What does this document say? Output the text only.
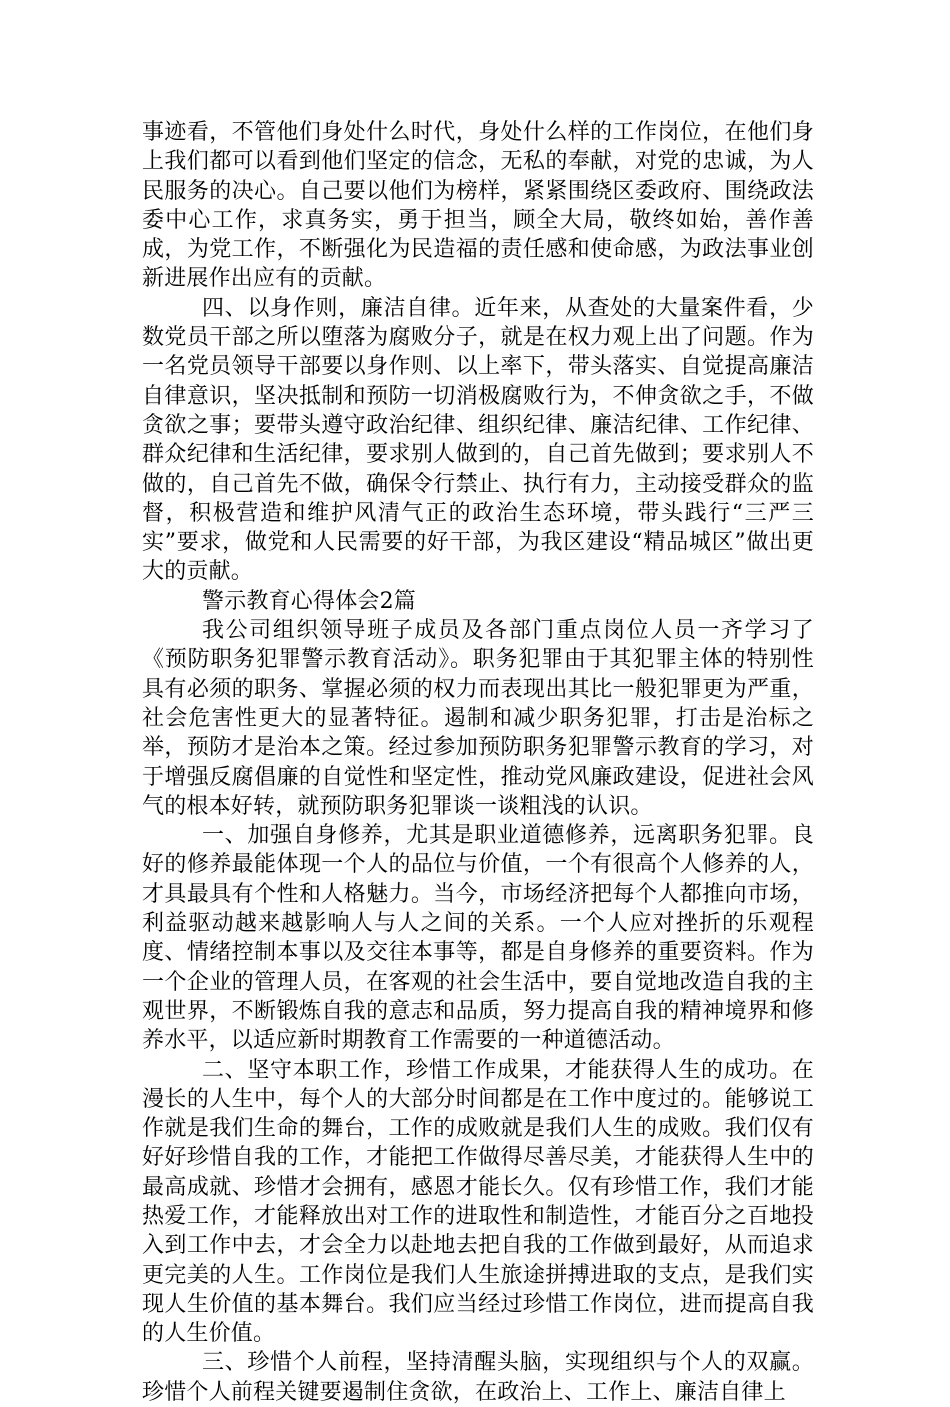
事迹看，不管他们身处什么时代，身处什么样的工作岗位，在他们身上我们都可以看到他们坚定的信念，无私的奉献，对党的忠诚，为人民服务的决心。自己要以他们为榜样，紧紧围绕区委政府、围绕政法委中心工作，求真务实，勇于担当，顾全大局，敬终如始，善作善成，为党工作，不断强化为民造福的责任感和使命感，为政法事业创新进展作出应有的贡献。

四、以身作则，廉洁自律。近年来，从查处的大量案件看，少数党员干部之所以堕落为腐败分子，就是在权力观上出了问题。作为一名党员领导干部要以身作则、以上率下，带头落实、自觉提高廉洁自律意识，坚决抵制和预防一切消极腐败行为，不伸贪欲之手，不做贪欲之事；要带头遵守政治纪律、组织纪律、廉洁纪律、工作纪律、群众纪律和生活纪律，要求别人做到的，自己首先做到；要求别人不做的，自己首先不做，确保令行禁止、执行有力，主动接受群众的监督，积极营造和维护风清气正的政治生态环境，带头践行“三严三实”要求，做党和人民需要的好干部，为我区建设“精品城区”做出更大的贡献。

警示教育心得体会2篇

我公司组织领导班子成员及各部门重点岗位人员一齐学习了《预防职务犯罪警示教育活动》。职务犯罪由于其犯罪主体的特别性具有必须的职务、掌握必须的权力而表现出其比一般犯罪更为严重，社会危害性更大的显著特征。遏制和减少职务犯罪，打击是治标之举，预防才是治本之策。经过参加预防职务犯罪警示教育的学习，对于增强反腐倡廉的自觉性和坚定性，推动党风廉政建设，促进社会风气的根本好转，就预防职务犯罪谈一谈粗浅的认识。

一、加强自身修养，尤其是职业道德修养，远离职务犯罪。良好的修养最能体现一个人的品位与价值，一个有很高个人修养的人，才具最具有个性和人格魅力。当今，市场经济把每个人都推向市场，利益驱动越来越影响人与人之间的关系。一个人应对挫折的乐观程度、情绪控制本事以及交往本事等，都是自身修养的重要资料。作为一个企业的管理人员，在客观的社会生活中，要自觉地改造自我的主观世界，不断锻炼自我的意志和品质，努力提高自我的精神境界和修养水平，以适应新时期教育工作需要的一种道德活动。

二、坚守本职工作，珍惜工作成果，才能获得人生的成功。在漫长的人生中，每个人的大部分时间都是在工作中度过的。能够说工作就是我们生命的舞台，工作的成败就是我们人生的成败。我们仅有好好珍惜自我的工作，才能把工作做得尽善尽美，才能获得人生中的最高成就、珍惜才会拥有，感恩才能长久。仅有珍惜工作，我们才能热爱工作，才能释放出对工作的进取性和制造性，才能百分之百地投入到工作中去，才会全力以赴地去把自我的工作做到最好，从而追求更完美的人生。工作岗位是我们人生旅途拼搏进取的支点，是我们实现人生价值的基本舞台。我们应当经过珍惜工作岗位，进而提高自我的人生价值。

三、珍惜个人前程，坚持清醒头脑，实现组织与个人的双赢。珍惜个人前程关键要遏制住贪欲，在政治上、工作上、廉洁自律上
